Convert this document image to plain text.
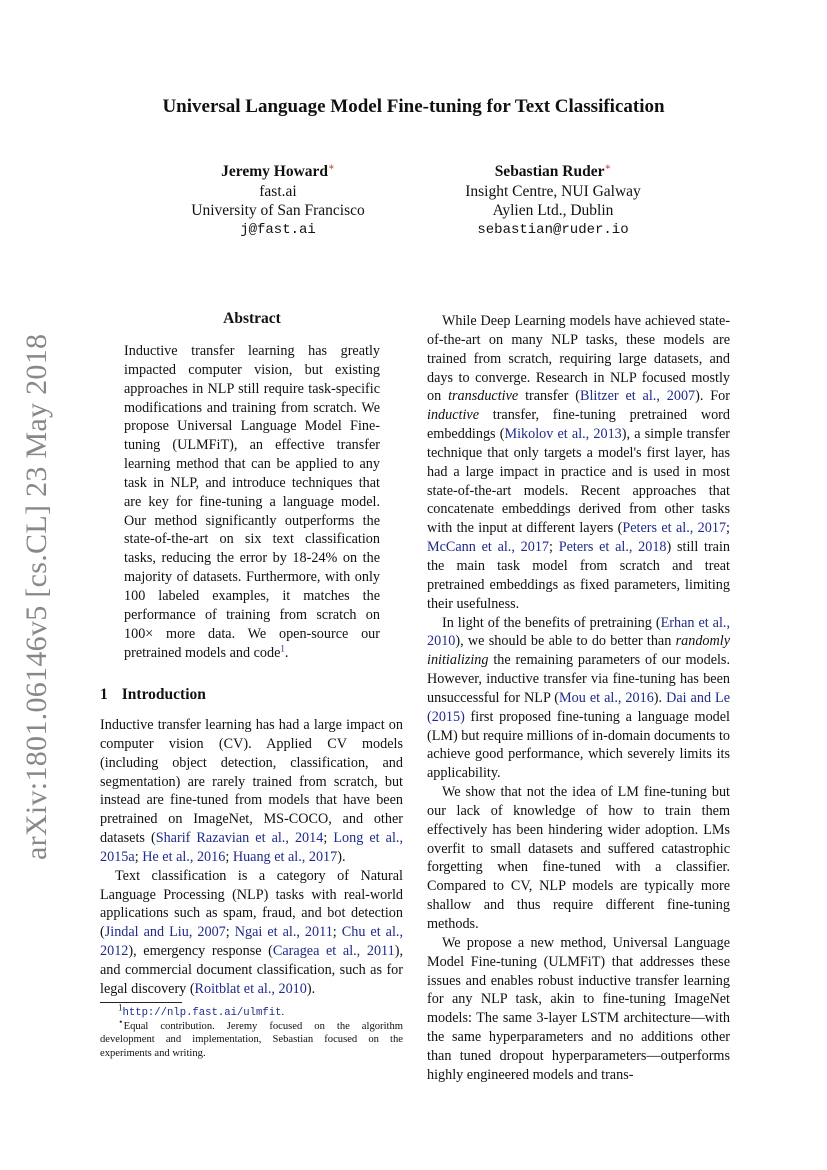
Universal Language Model Fine-tuning for Text Classification
Jeremy Howard∗
fast.ai
University of San Francisco
j@fast.ai
Sebastian Ruder∗
Insight Centre, NUI Galway
Aylien Ltd., Dublin
sebastian@ruder.io
arXiv:1801.06146v5 [cs.CL] 23 May 2018
Abstract

Inductive transfer learning has greatly impacted computer vision, but existing approaches in NLP still require task-specific modifications and training from scratch. We propose Universal Language Model Fine-tuning (ULMFiT), an effective transfer learning method that can be applied to any task in NLP, and introduce techniques that are key for fine-tuning a language model. Our method significantly outperforms the state-of-the-art on six text classification tasks, reducing the error by 18-24% on the majority of datasets. Furthermore, with only 100 labeled examples, it matches the performance of training from scratch on 100× more data. We open-source our pretrained models and code$^1$.

1 Introduction

Inductive transfer learning has had a large impact on computer vision (CV). Applied CV models (including object detection, classification, and segmentation) are rarely trained from scratch, but instead are fine-tuned from models that have been pretrained on ImageNet, MS-COCO, and other datasets (Sharif Razavian et al., 2014; Long et al., 2015a; He et al., 2016; Huang et al., 2017).

Text classification is a category of Natural Language Processing (NLP) tasks with real-world applications such as spam, fraud, and bot detection (Jindal and Liu, 2007; Ngai et al., 2011; Chu et al., 2012), emergency response (Caragea et al., 2011), and commercial document classification, such as for legal discovery (Roitblat et al., 2010).

While Deep Learning models have achieved state-of-the-art on many NLP tasks, these models are trained from scratch, requiring large datasets, and days to converge. Research in NLP focused mostly on transductive transfer (Blitzer et al., 2007). For inductive transfer, fine-tuning pretrained word embeddings (Mikolov et al., 2013), a simple transfer technique that only targets a model's first layer, has had a large impact in practice and is used in most state-of-the-art models. Recent approaches that concatenate embeddings derived from other tasks with the input at different layers (Peters et al., 2017; McCann et al., 2017; Peters et al., 2018) still train the main task model from scratch and treat pretrained embeddings as fixed parameters, limiting their usefulness.

In light of the benefits of pretraining (Erhan et al., 2010), we should be able to do better than randomly initializing the remaining parameters of our models. However, inductive transfer via fine-tuning has been unsuccessful for NLP (Mou et al., 2016). Dai and Le (2015) first proposed fine-tuning a language model (LM) but require millions of in-domain documents to achieve good performance, which severely limits its applicability.

We show that not the idea of LM fine-tuning but our lack of knowledge of how to train them effectively has been hindering wider adoption. LMs overfit to small datasets and suffered catastrophic forgetting when fine-tuned with a classifier. Compared to CV, NLP models are typically more shallow and thus require different fine-tuning methods.

We propose a new method, Universal Language Model Fine-tuning (ULMFiT) that addresses these issues and enables robust inductive transfer learning for any NLP task, akin to fine-tuning ImageNet models: The same 3-layer LSTM architecture—with the same hyperparameters and no additions other than tuned dropout hyperparameters—outperforms highly engineered models and trans-

$^1$http://nlp.fast.ai/ulmfit.
⋆Equal contribution. Jeremy focused on the algorithm development and implementation, Sebastian focused on the experiments and writing.
